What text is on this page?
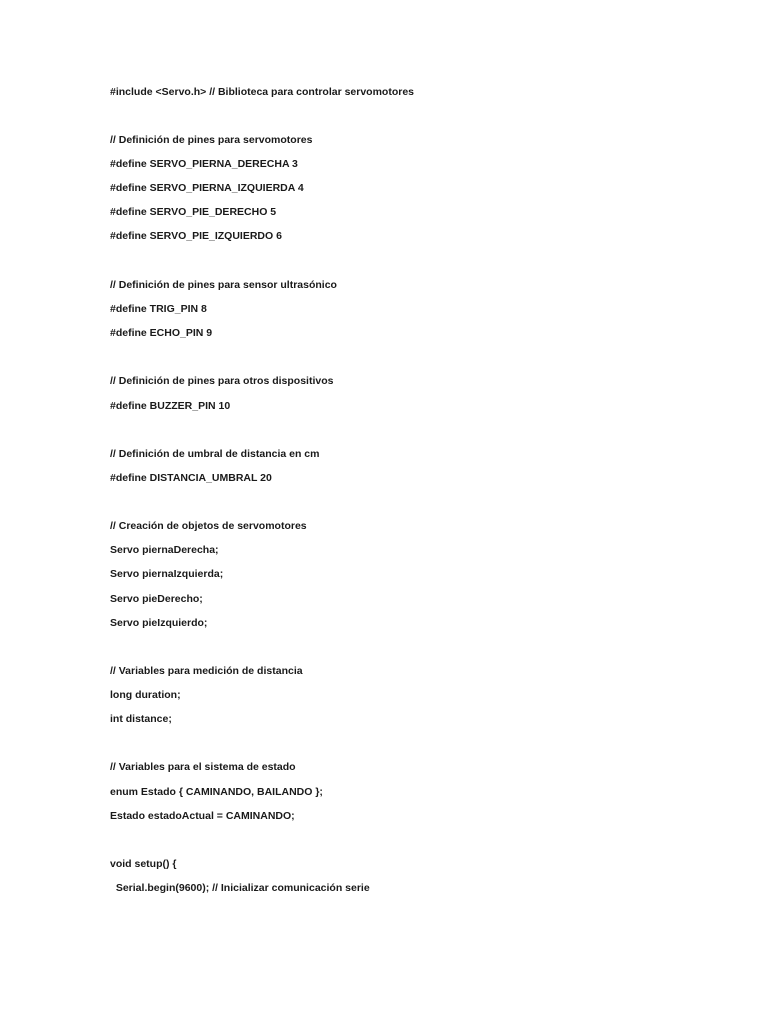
#include <Servo.h> // Biblioteca para controlar servomotores
// Definición de pines para servomotores
#define SERVO_PIERNA_DERECHA 3
#define SERVO_PIERNA_IZQUIERDA 4
#define SERVO_PIE_DERECHO 5
#define SERVO_PIE_IZQUIERDO 6
// Definición de pines para sensor ultrasónico
#define TRIG_PIN 8
#define ECHO_PIN 9
// Definición de pines para otros dispositivos
#define BUZZER_PIN 10
// Definición de umbral de distancia en cm
#define DISTANCIA_UMBRAL 20
// Creación de objetos de servomotores
Servo piernaDerecha;
Servo piernaIzquierda;
Servo pieDerecho;
Servo pieIzquierdo;
// Variables para medición de distancia
long duration;
int distance;
// Variables para el sistema de estado
enum Estado { CAMINANDO, BAILANDO };
Estado estadoActual = CAMINANDO;
void setup() {
Serial.begin(9600); // Inicializar comunicación serie
